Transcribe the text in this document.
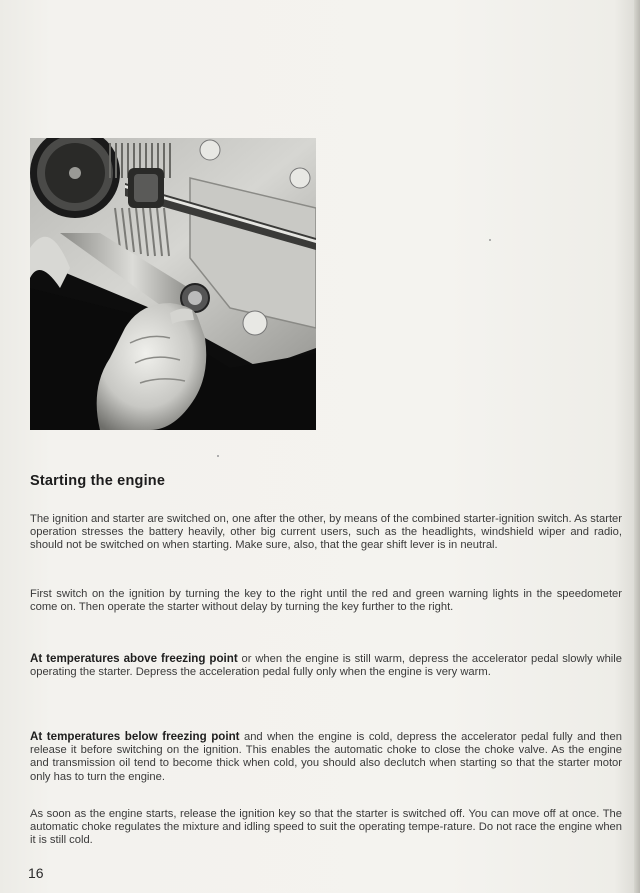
Starting the engine

The ignition and starter are switched on, one after the other, by means of the combined starter-ignition switch. As starter operation stresses the battery heavily, other big current users, such as the headlights, windshield wiper and radio, should not be switched on when starting. Make sure, also, that the gear shift lever is in neutral.

First switch on the ignition by turning the key to the right until the red and green warning lights in the speedometer come on. Then operate the starter without delay by turning the key further to the right.

At temperatures above freezing point or when the engine is still warm, depress the accelerator pedal slowly while operating the starter. Depress the acceleration pedal fully only when the engine is very warm.

At temperatures below freezing point and when the engine is cold, depress the accelerator pedal fully and then release it before switching on the ignition. This enables the automatic choke to close the choke valve. As the engine and transmission oil tend to become thick when cold, you should also declutch when starting so that the starter motor only has to turn the engine.

As soon as the engine starts, release the ignition key so that the starter is switched off. You can move off at once. The automatic choke regulates the mixture and idling speed to suit the operating tempe-rature. Do not race the engine when it is still cold.

16
